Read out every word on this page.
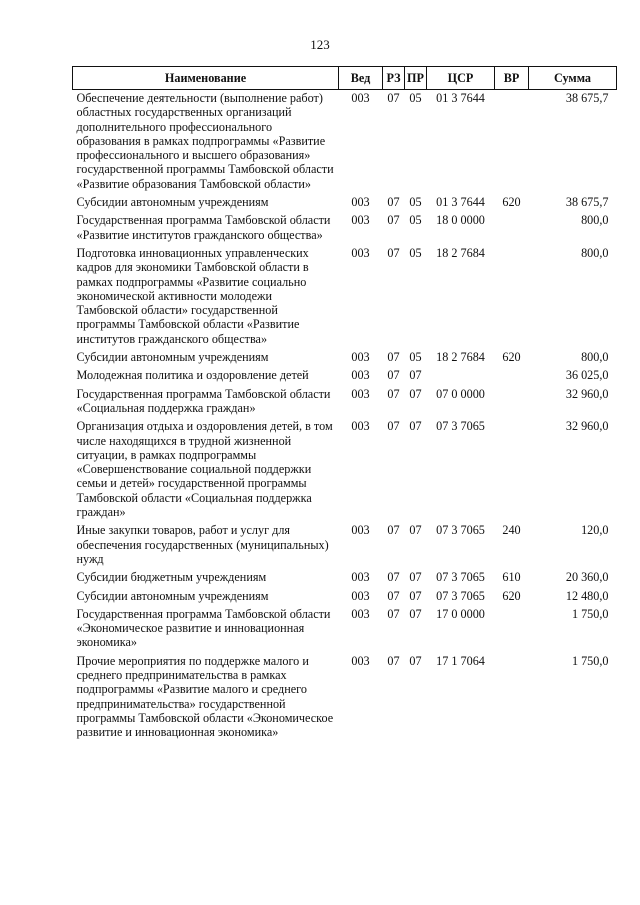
123
Наименование	Вед	РЗ	ПР	ЦСР	ВР	Сумма
Обеспечение деятельности (выполнение работ) областных государственных организаций дополнительного профессионального образования в рамках подпрограммы «Развитие профессионального и высшего образования» государственной программы Тамбовской области «Развитие образования Тамбовской области»	003	07	05	01 3 7644		38 675,7
Субсидии автономным учреждениям	003	07	05	01 3 7644	620	38 675,7
Государственная программа Тамбовской области «Развитие институтов гражданского общества»	003	07	05	18 0 0000		800,0
Подготовка инновационных управленческих кадров для экономики Тамбовской области в рамках подпрограммы «Развитие социально экономической активности молодежи Тамбовской области» государственной программы Тамбовской области «Развитие институтов гражданского общества»	003	07	05	18 2 7684		800,0
Субсидии автономным учреждениям	003	07	05	18 2 7684	620	800,0
Молодежная политика и оздоровление детей	003	07	07			36 025,0
Государственная программа Тамбовской области «Социальная поддержка граждан»	003	07	07	07 0 0000		32 960,0
Организация отдыха и оздоровления детей, в том числе находящихся в трудной жизненной ситуации, в рамках подпрограммы «Совершенствование социальной поддержки семьи и детей» государственной программы Тамбовской области «Социальная поддержка граждан»	003	07	07	07 3 7065		32 960,0
Иные закупки товаров, работ и услуг для обеспечения государственных (муниципальных) нужд	003	07	07	07 3 7065	240	120,0
Субсидии бюджетным учреждениям	003	07	07	07 3 7065	610	20 360,0
Субсидии автономным учреждениям	003	07	07	07 3 7065	620	12 480,0
Государственная программа Тамбовской области «Экономическое развитие и инновационная экономика»	003	07	07	17 0 0000		1 750,0
Прочие мероприятия по поддержке малого и среднего предпринимательства в рамках подпрограммы «Развитие малого и среднего предпринимательства» государственной программы Тамбовской области «Экономическое развитие и инновационная экономика»	003	07	07	17 1 7064		1 750,0
